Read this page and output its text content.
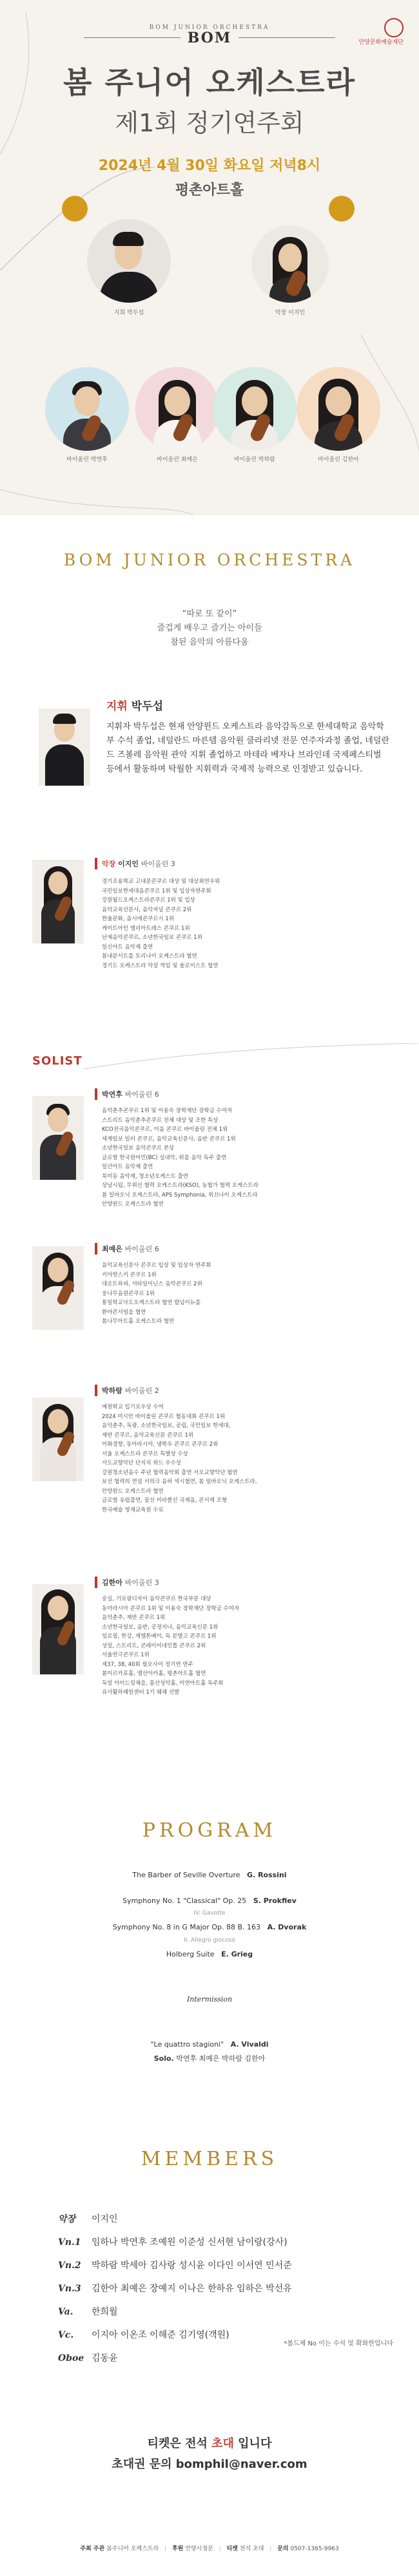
BOM JUNIOR ORCHESTRA
BOM	안양문화예술재단
봄 주니어 오케스트라
제1회 정기연주회
2024년 4월 30일 화요일 저녁8시
평촌아트홀
지휘 박두섭	악장 이지인
바이올린 박연후	바이올린 최예은	바이올린 박하람	바이올린 김한아
BOM JUNIOR ORCHESTRA
“따로 또 같이”
즐겁게 배우고 즐기는 아이들
참된 음악의 아름다움
지휘 박두섭
지휘자 박두섭은 현재 안양윈드 오케스트라 음악감독으로 한세대학교 음악학부 수석 졸업, 네덜란드 마른템 음악원 클라리넷 전문 연주자과정 졸업, 네덜란드 즈볼레 음악원 관악 지휘 졸업하고 마테라 베자나 브라인데 국제페스티벌 등에서 활동하며 탁월한 지휘력과 국제적 능력으로 인정받고 있습니다.
악장 이지인 바이올린 3
경기조용학교 고내문콘쿠르 대상 및 대상최연우위
국민일보한세대음콘쿠르 1위 및 입상자연주회
강원월드오케스트라콘쿠르 1위 및 입상
음악교육신문사, 음악저널 콘쿠르 2위
한울문화, 음시에콘쿠르시 1위
케이트아인 엘리아트레스 콘쿠르 1위
난제음악콘쿠르, 소년한국일보 콘쿠르 1위
일신아트 음악제 출연
봄내문서트를 토리나이 오케스트라 협연
경기도 오케스트라 악장 역임 및 솔로이스트 협연
SOLIST
박연후 바이올린 6
음악춘추콘쿠르 1위 및 이용숙 장학재단 장학금 수여자
스트리트 음악춘추콘쿠르 전체 대상 및 조한 특상
KCO전국음악콘쿠르, 이음 콘쿠르 바이올린 전체 1위
세계일보 일러 콘쿠르, 음악교육신문사, 음반 콘쿠르 1위
소년한국일보 음악콘쿠르 본상
글로벌 한국원어민(BC) 실내악, 위를 음악 독주 출연
일산아트 음악제 출연
북미동 음악제, 청소년오케스트 출연
상남시립, 무위선 협력 오케스트라(KSO), 농협가 협력 오케스트라
봄 일바오닉 오케스트라, APS Symphonia, 위끄나이 오케스트라
안양윈드 오케스트라 협연
최예은 바이올린 6
음악교육신문사 콘쿠르 입상 및 입상자 연주회
키아핫스키 콘쿠르 1위
대오트하피, 서타일이닌스 음악콘쿠르 2위
웅나무음원콘쿠르 1위
통일학교낙도오케스트라 협연 밥넘이뉴를
환마콘서빔을 협연
봄나무아트홀 오케스트라 협연
박하람 바이올린 2
예원학교 입기로우상 수여
2024 미시안 바이올린 콘쿠르 협동대회 콘쿠르 1위
음악춘추, 독광, 소년한국일보, 공립, 국민일보 한세대,
제반 콘쿠르, 음악교육신문 콘쿠르 1위
이화경향, 동아라시아, 냉학우 콘쿠르 콘쿠르 2위
서울 오케스트라 콘쿠르 특별상 수상
서도교향악단 단지치 위드 우수상
강원청소년음수 주년 협력음악회 출연 서오교향악단 협연
보선 협력의 연설 서의극 음하 섹시협연, 봄 일바오닉 오케스트라,
안양윈드 오케스트라 협연
글로벌 유럽출연, 꿈선 미라클선 국제음, 콘서제 조형
한국예술 영재교육원 수료
김한아 바이올린 3
숭실, 기로광디자이 음악콘쿠르 한국부문 대상
동아라시아 콘쿠르 1위 및 이용숙 장학재단 장학금 수여자
음악춘추, 제반 콘쿠르 1위
소년한국일보, 음반, 공정지나, 음악교육신문 1위
임로필, 한강, 제엘톤베이, 독 분발고 콘쿠르 1위
성일, 스트리트, 콘레이어네인틀 콘쿠르 2위
서울연극콘쿠르 1위
제37, 38, 40회 필오사이 정기연 연주
봄미르카포홀, 엘산아카홀, 평촌아트홀 협연
독일 아이드링체을, 몸산성악홀, 미연아트홀 독주회
유사활하례일센터 1기 웨체 선발
PROGRAM
The Barber of Seville Overture G. Rossini
Symphony No. 1 "Classical" Op. 25 S. Prokfiev
IV. Gavotte
Symphony No. 8 in G Major Op. 88 B. 163 A. Dvorak
II. Allegro giocoso
Holberg Suite E. Grieg
Intermission
"Le quattro stagioni" A. Vivaldi
Solo. 박연후 최예은 박하람 김한아
MEMBERS
악장 이지인
Vn.1 임하나 박연후 조예원 이준성 신서현 남이랑(강사)
Vn.2 박하람 박세아 김사랑 성시윤 이다인 이서연 민서준
Vn.3 김한아 최예은 장예지 이나은 한하유 임하은 박선유
Va. 한희월
Vc. 이지아 이온조 이해준 김기영(객원)
Oboe 김동윤
*봄드체 No 이는 수석 및 확화한입니다
티켓은 전석 초대 입니다
초대권 문의 bomphil@naver.com
주최 주관 봄주니어 오케스트라 | 후원 안양시청문 | 티켓 전석 초대 | 문의 0507-1365-9963
